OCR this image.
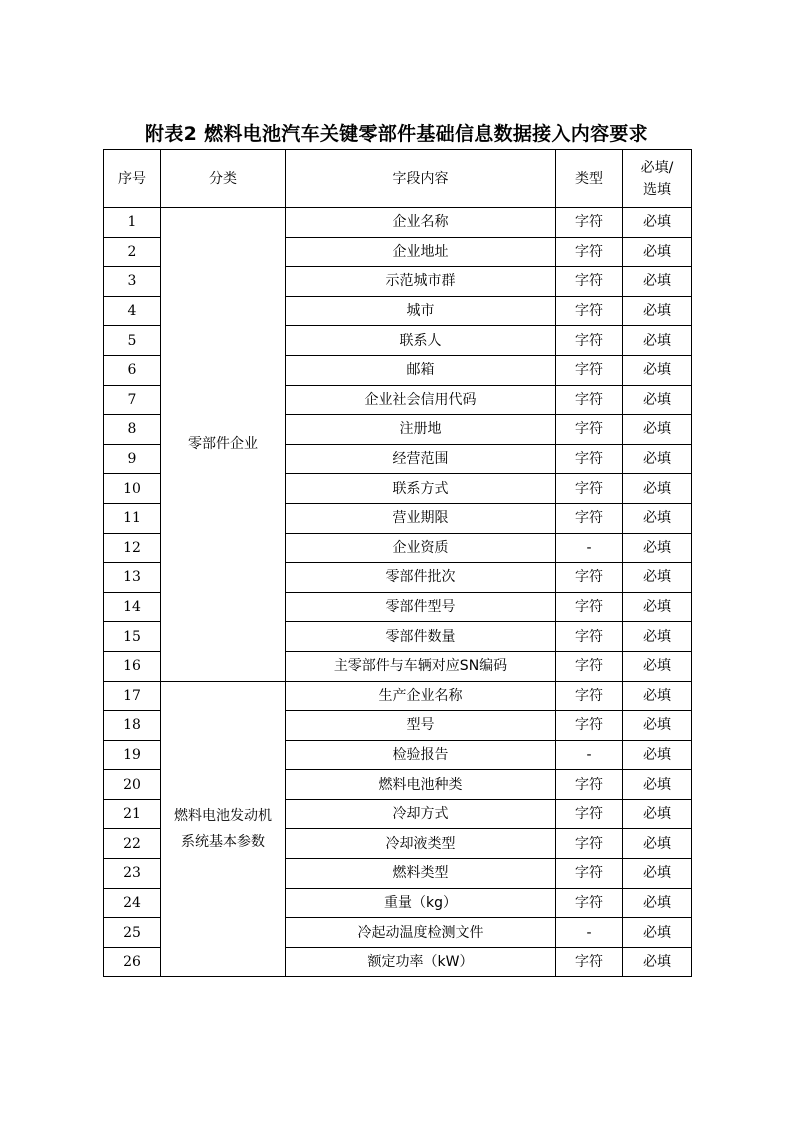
附表2 燃料电池汽车关键零部件基础信息数据接入内容要求
序号	分类	字段内容	类型	必填/
选填

1	零部件企业	企业名称	字符	必填
2		企业地址	字符	必填
3		示范城市群	字符	必填
4		城市	字符	必填
5		联系人	字符	必填
6		邮箱	字符	必填
7		企业社会信用代码	字符	必填
8		注册地	字符	必填
9		经营范围	字符	必填
10		联系方式	字符	必填
11		营业期限	字符	必填
12		企业资质	-	必填
13		零部件批次	字符	必填
14		零部件型号	字符	必填
15		零部件数量	字符	必填
16		主零部件与车辆对应SN编码	字符	必填
17	燃料电池发动机
系统基本参数	生产企业名称	字符	必填
18		型号	字符	必填
19		检验报告	-	必填
20		燃料电池种类	字符	必填
21		冷却方式	字符	必填
22		冷却液类型	字符	必填
23		燃料类型	字符	必填
24		重量（kg）	字符	必填
25		冷起动温度检测文件	-	必填
26		额定功率（kW）	字符	必填
